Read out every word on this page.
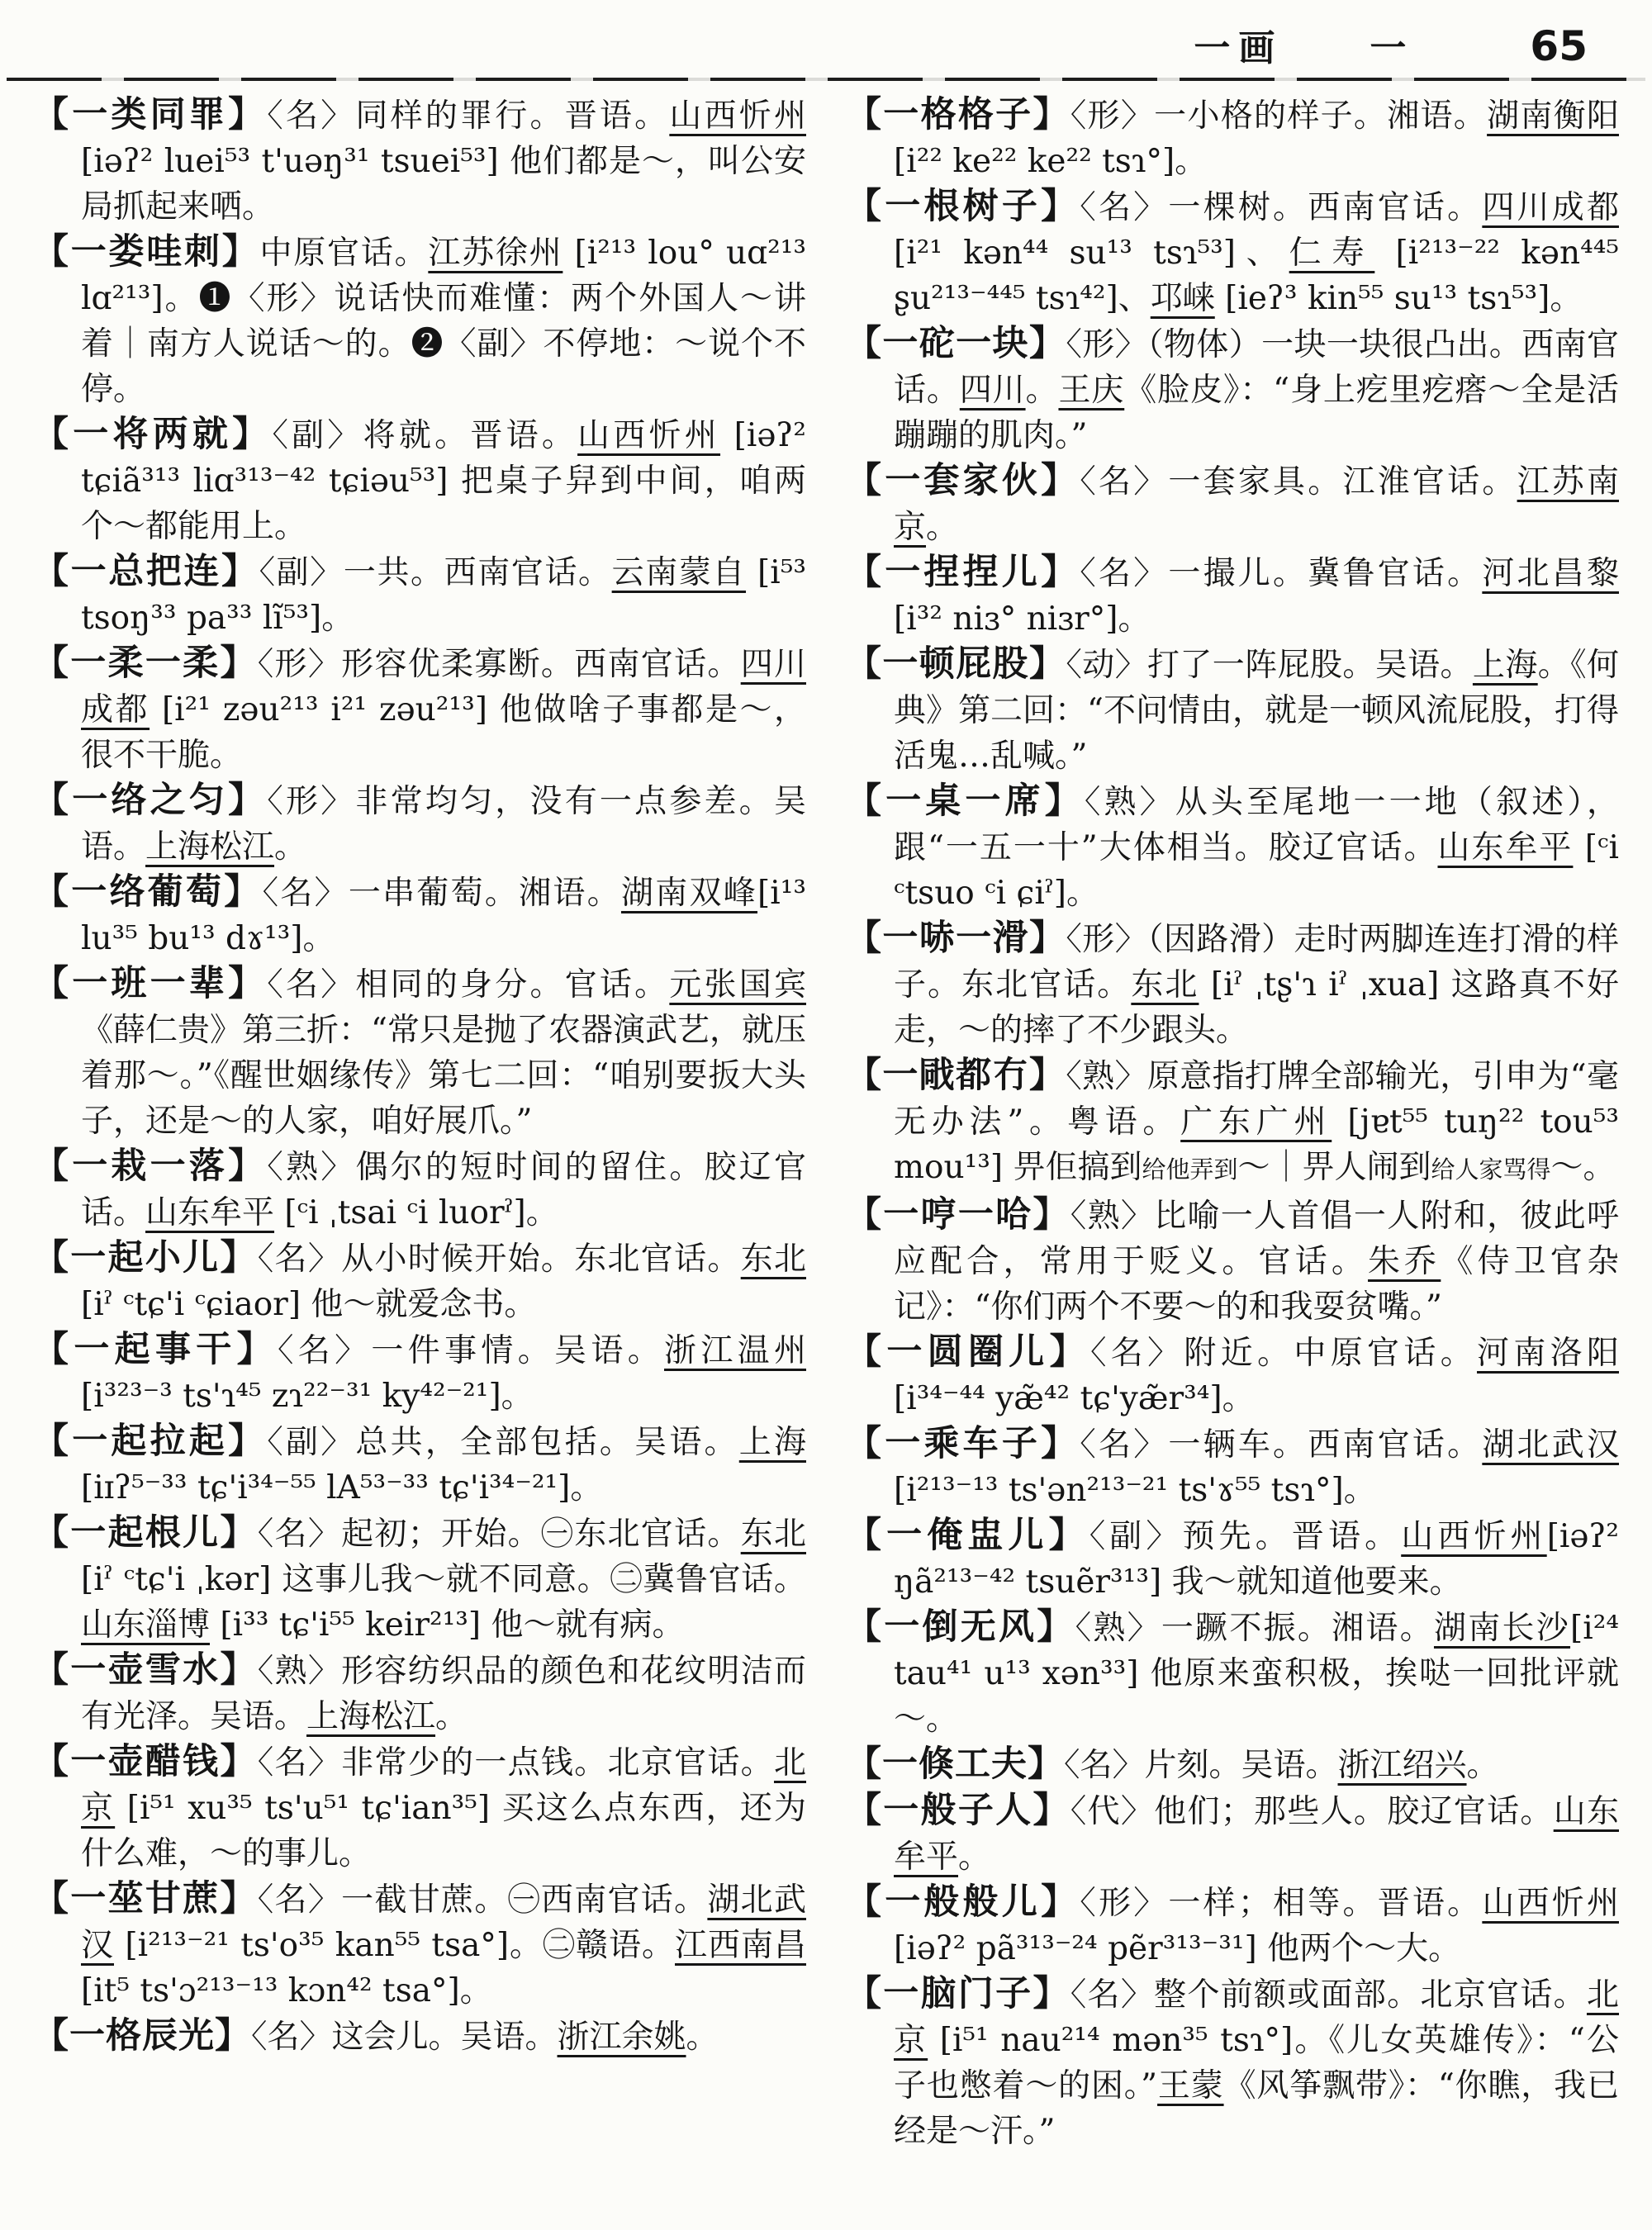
一画 一	65
【一类同罪】〈名〉同样的罪行。晋语。山西忻州[iəʔ² luei⁵³ t'uəŋ³¹ tsuei⁵³] 他们都是～，叫公安局抓起来哂。
【一娄哇刺】中原官话。江苏徐州 [i²¹³ lou° uɑ²¹³ lɑ²¹³]。❶〈形〉说话快而难懂：两个外国人～讲着｜南方人说话～的。❷〈副〉不停地：～说个不停。
【一将两就】〈副〉将就。晋语。山西忻州 [iəʔ² tɕiã³¹³ liɑ³¹³⁻⁴² tɕiəu⁵³] 把桌子舁到中间，咱两个～都能用上。
【一总把连】〈副〉一共。西南官话。云南蒙自 [i⁵³ tsoŋ³³ pa³³ lĩ⁵³]。
【一柔一柔】〈形〉形容优柔寡断。西南官话。四川成都 [i²¹ zəu²¹³ i²¹ zəu²¹³] 他做啥子事都是～，很不干脆。
【一络之匀】〈形〉非常均匀，没有一点参差。吴语。上海松江。
【一络葡萄】〈名〉一串葡萄。湘语。湖南双峰[i¹³ lu³⁵ bu¹³ dɤ¹³]。
【一班一辈】〈名〉相同的身分。官话。元张国宾《薛仁贵》第三折：“常只是抛了农器演武艺，就压着那～。”《醒世姻缘传》第七二回：“咱别要扳大头子，还是～的人家，咱好展爪。”
【一栽一落】〈熟〉偶尔的短时间的留住。胶辽官话。山东牟平 [ᶜi ˌtsai ᶜi luorˀ]。
【一起小儿】〈名〉从小时候开始。东北官话。东北 [iˀ ᶜtɕ'i ᶜɕiaor] 他～就爱念书。
【一起事干】〈名〉一件事情。吴语。浙江温州 [i³²³⁻³ ts'ɿ⁴⁵ zɿ²²⁻³¹ ky⁴²⁻²¹]。
【一起拉起】〈副〉总共，全部包括。吴语。上海[iɪʔ⁵⁻³³ tɕ'i³⁴⁻⁵⁵ lA⁵³⁻³³ tɕ'i³⁴⁻²¹]。
【一起根儿】〈名〉起初；开始。㊀东北官话。东北 [iˀ ᶜtɕ'i ˌkər] 这事儿我～就不同意。㊁冀鲁官话。山东淄博 [i³³ tɕ'i⁵⁵ keir²¹³] 他～就有病。
【一壶雪水】〈熟〉形容纺织品的颜色和花纹明洁而有光泽。吴语。上海松江。
【一壶醋钱】〈名〉非常少的一点钱。北京官话。北京 [i⁵¹ xu³⁵ ts'u⁵¹ tɕ'ian³⁵] 买这么点东西，还为什么难，～的事儿。
【一莝甘蔗】〈名〉一截甘蔗。㊀西南官话。湖北武汉 [i²¹³⁻²¹ ts'o³⁵ kan⁵⁵ tsa°]。㊁赣语。江西南昌 [it⁵ ts'ɔ²¹³⁻¹³ kɔn⁴² tsa°]。
【一格辰光】〈名〉这会儿。吴语。浙江余姚。
【一格格子】〈形〉一小格的样子。湘语。湖南衡阳 [i²² ke²² ke²² tsɿ°]。
【一根树子】〈名〉一棵树。西南官话。四川成都 [i²¹ kən⁴⁴ su¹³ tsɿ⁵³]、仁寿 [i²¹³⁻²² kən⁴⁴⁵ ʂu²¹³⁻⁴⁴⁵ tsɿ⁴²]、邛崃 [ieʔ³ kin⁵⁵ su¹³ tsɿ⁵³]。
【一砣一块】〈形〉（物体）一块一块很凸出。西南官话。四川。王庆《脸皮》：“身上疙里疙瘩～全是活蹦蹦的肌肉。”
【一套家伙】〈名〉一套家具。江淮官话。江苏南京。
【一捏捏儿】〈名〉一撮儿。冀鲁官话。河北昌黎 [i³² niɜ° niɜr°]。
【一顿屁股】〈动〉打了一阵屁股。吴语。上海。《何典》第二回：“不问情由，就是一顿风流屁股，打得活鬼…乱喊。”
【一桌一席】〈熟〉从头至尾地一一地（叙述），跟“一五一十”大体相当。胶辽官话。山东牟平 [ᶜi ᶜtsuo ᶜi ɕiˀ]。
【一哧一滑】〈形〉（因路滑）走时两脚连连打滑的样子。东北官话。东北 [iˀ ˌtʂ'ɿ iˀ ˌxua] 这路真不好走，～的摔了不少跟头。
【一戙都冇】〈熟〉原意指打牌全部输光，引申为“毫无办法”。粤语。广东广州 [jɐt⁵⁵ tuŋ²² tou⁵³ mou¹³] 畀佢搞到给他弄到～｜畀人闹到给人家骂得～。
【一哼一哈】〈熟〉比喻一人首倡一人附和，彼此呼应配合，常用于贬义。官话。朱乔《侍卫官杂记》：“你们两个不要～的和我耍贫嘴。”
【一圆圈儿】〈名〉附近。中原官话。河南洛阳 [i³⁴⁻⁴⁴ yæ̃⁴² tɕ'yæ̃r³⁴]。
【一乘车子】〈名〉一辆车。西南官话。湖北武汉[i²¹³⁻¹³ ts'ən²¹³⁻²¹ ts'ɤ⁵⁵ tsɿ°]。
【一俺盅儿】〈副〉预先。晋语。山西忻州[iəʔ² ŋã²¹³⁻⁴² tsuẽr³¹³] 我～就知道他要来。
【一倒无风】〈熟〉一蹶不振。湘语。湖南长沙[i²⁴ tau⁴¹ u¹³ xən³³] 他原来蛮积极，挨哒一回批评就～。
【一倏工夫】〈名〉片刻。吴语。浙江绍兴。
【一般子人】〈代〉他们；那些人。胶辽官话。山东牟平。
【一般般儿】〈形〉一样；相等。晋语。山西忻州 [iəʔ² pã³¹³⁻²⁴ pẽr³¹³⁻³¹] 他两个～大。
【一脑门子】〈名〉整个前额或面部。北京官话。北京 [i⁵¹ nau²¹⁴ mən³⁵ tsɿ°]。《儿女英雄传》：“公子也憋着～的困。”王蒙《风筝飘带》：“你瞧，我已经是～汗。”
